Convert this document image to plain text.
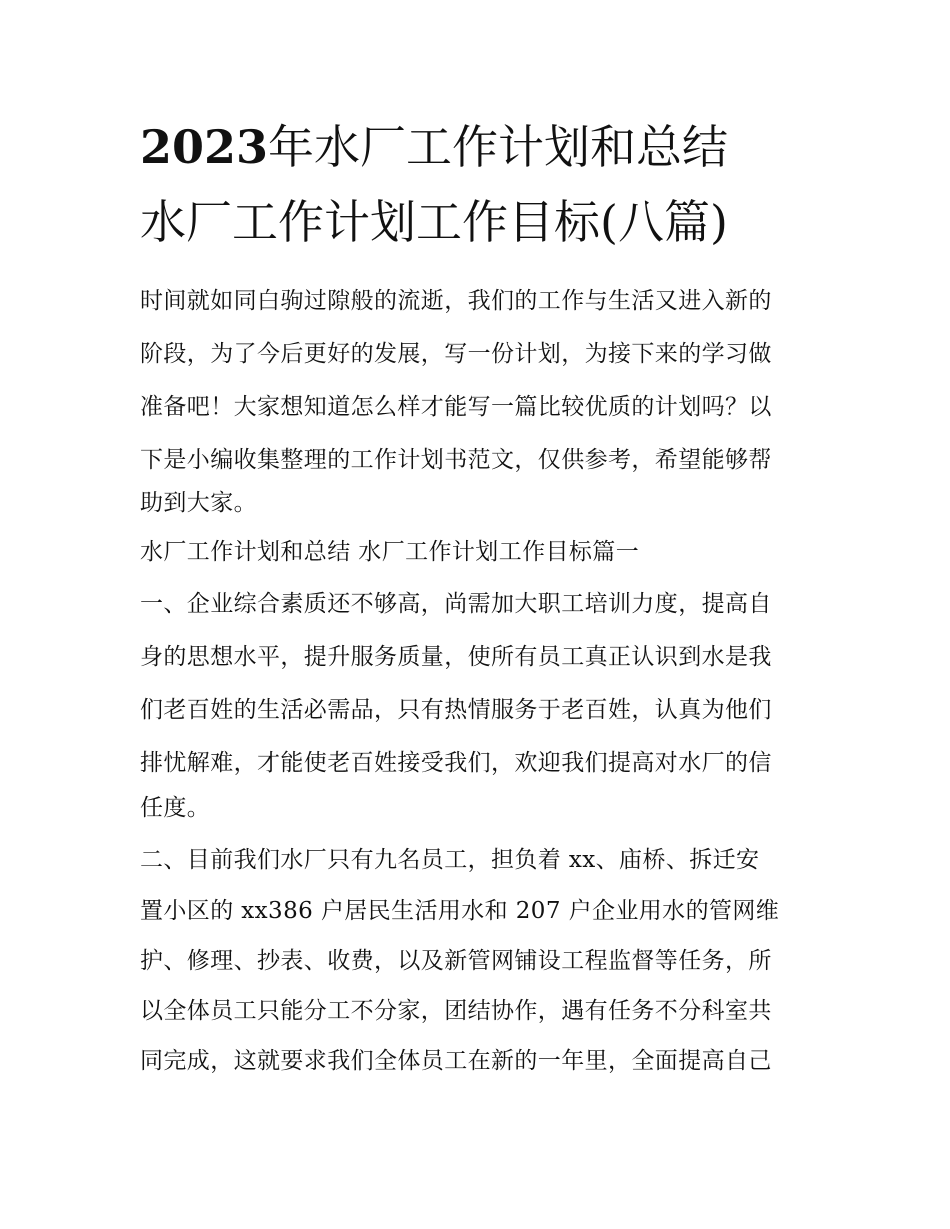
2023年水厂工作计划和总结
水厂工作计划工作目标(八篇)

时间就如同白驹过隙般的流逝，我们的工作与生活又进入新的

阶段，为了今后更好的发展，写一份计划，为接下来的学习做

准备吧！大家想知道怎么样才能写一篇比较优质的计划吗？以

下是小编收集整理的工作计划书范文，仅供参考，希望能够帮

助到大家。

水厂工作计划和总结 水厂工作计划工作目标篇一

一、企业综合素质还不够高，尚需加大职工培训力度，提高自

身的思想水平，提升服务质量，使所有员工真正认识到水是我

们老百姓的生活必需品，只有热情服务于老百姓，认真为他们

排忧解难，才能使老百姓接受我们，欢迎我们提高对水厂的信

任度。

二、目前我们水厂只有九名员工，担负着 xx、庙桥、拆迁安

置小区的 xx386 户居民生活用水和 207 户企业用水的管网维

护、修理、抄表、收费，以及新管网铺设工程监督等任务，所

以全体员工只能分工不分家，团结协作，遇有任务不分科室共

同完成，这就要求我们全体员工在新的一年里，全面提高自己
